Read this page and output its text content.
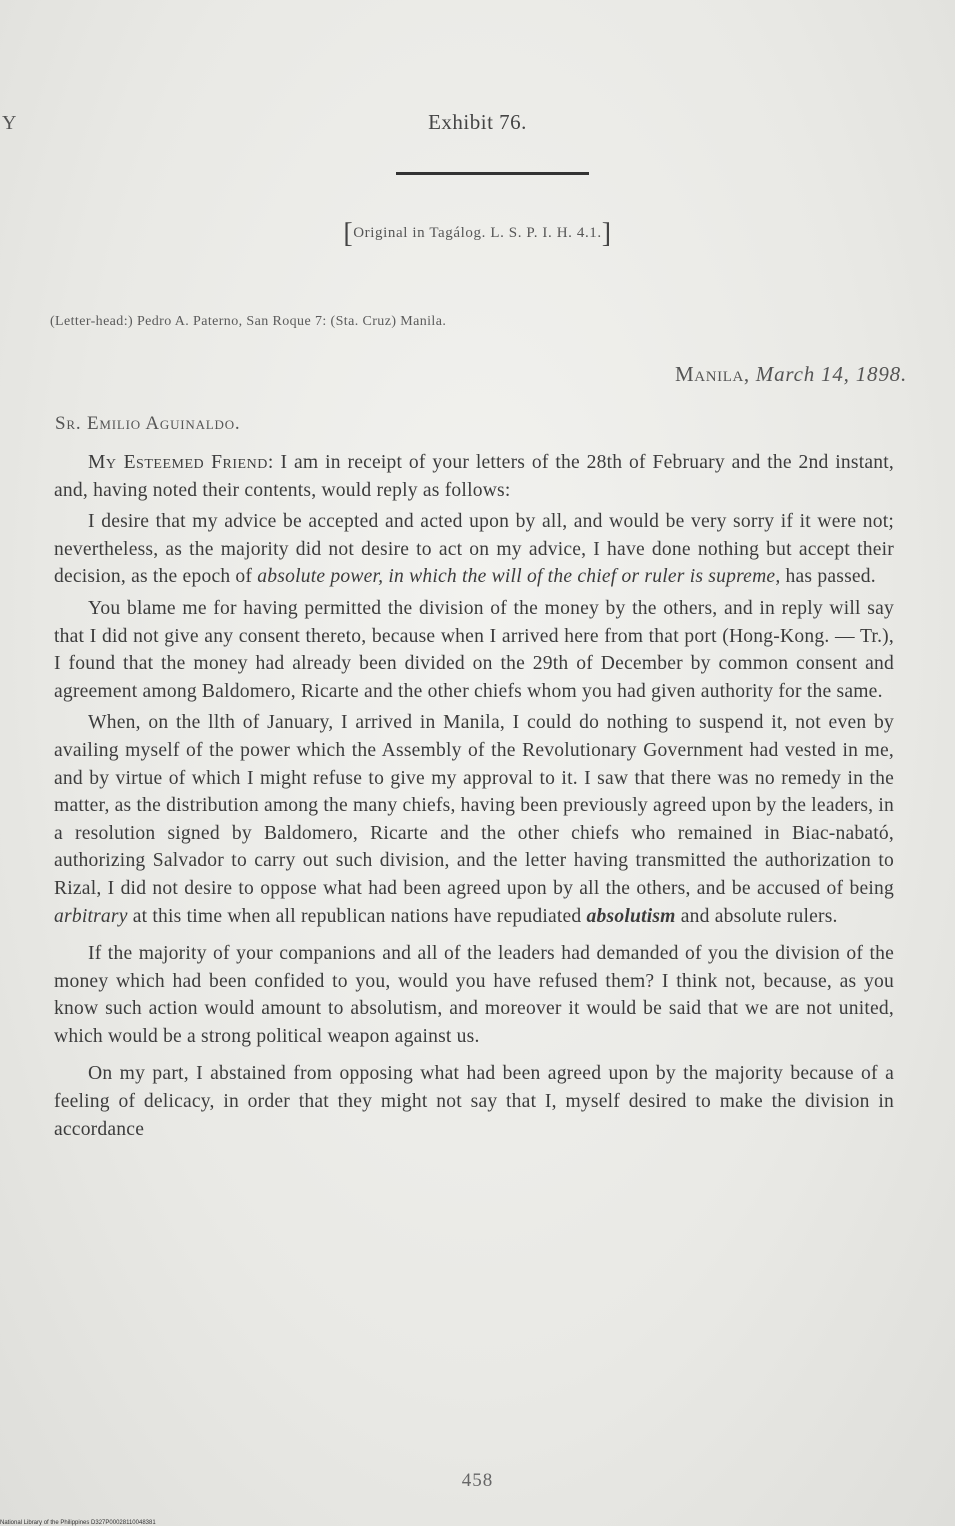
Y	Exhibit 76.
[Original in Tagálog. L. S. P. I. H. 4.1.]
(Letter-head:) Pedro A. Paterno, San Roque 7: (Sta. Cruz) Manila.
Manila, March 14, 1898.
Sr. Emilio Aguinaldo.

My Esteemed Friend: I am in receipt of your letters of the 28th of February and the 2nd instant, and, having noted their contents, would reply as follows:

I desire that my advice be accepted and acted upon by all, and would be very sorry if it were not; nevertheless, as the majority did not desire to act on my advice, I have done nothing but accept their decision, as the epoch of absolute power, in which the will of the chief or ruler is supreme, has passed.

You blame me for having permitted the division of the money by the others, and in reply will say that I did not give any consent thereto, because when I arrived here from that port (Hong-Kong. — Tr.), I found that the money had already been divided on the 29th of December by common consent and agreement among Baldomero, Ricarte and the other chiefs whom you had given authority for the same.

When, on the llth of January, I arrived in Manila, I could do nothing to suspend it, not even by availing myself of the power which the Assembly of the Revolutionary Government had vested in me, and by virtue of which I might refuse to give my approval to it. I saw that there was no remedy in the matter, as the distribution among the many chiefs, having been previously agreed upon by the leaders, in a resolution signed by Baldomero, Ricarte and the other chiefs who remained in Biac-nabató, authorizing Salvador to carry out such division, and the letter having transmitted the authorization to Rizal, I did not desire to oppose what had been agreed upon by all the others, and be accused of being arbitrary at this time when all republican nations have repudiated absolutism and absolute rulers.

If the majority of your companions and all of the leaders had demanded of you the division of the money which had been confided to you, would you have refused them? I think not, because, as you know such action would amount to absolutism, and moreover it would be said that we are not united, which would be a strong political weapon against us.

On my part, I abstained from opposing what had been agreed upon by the majority because of a feeling of delicacy, in order that they might not say that I, myself desired to make the division in accordance

458
National Library of the Philippines D327P00028110048381
